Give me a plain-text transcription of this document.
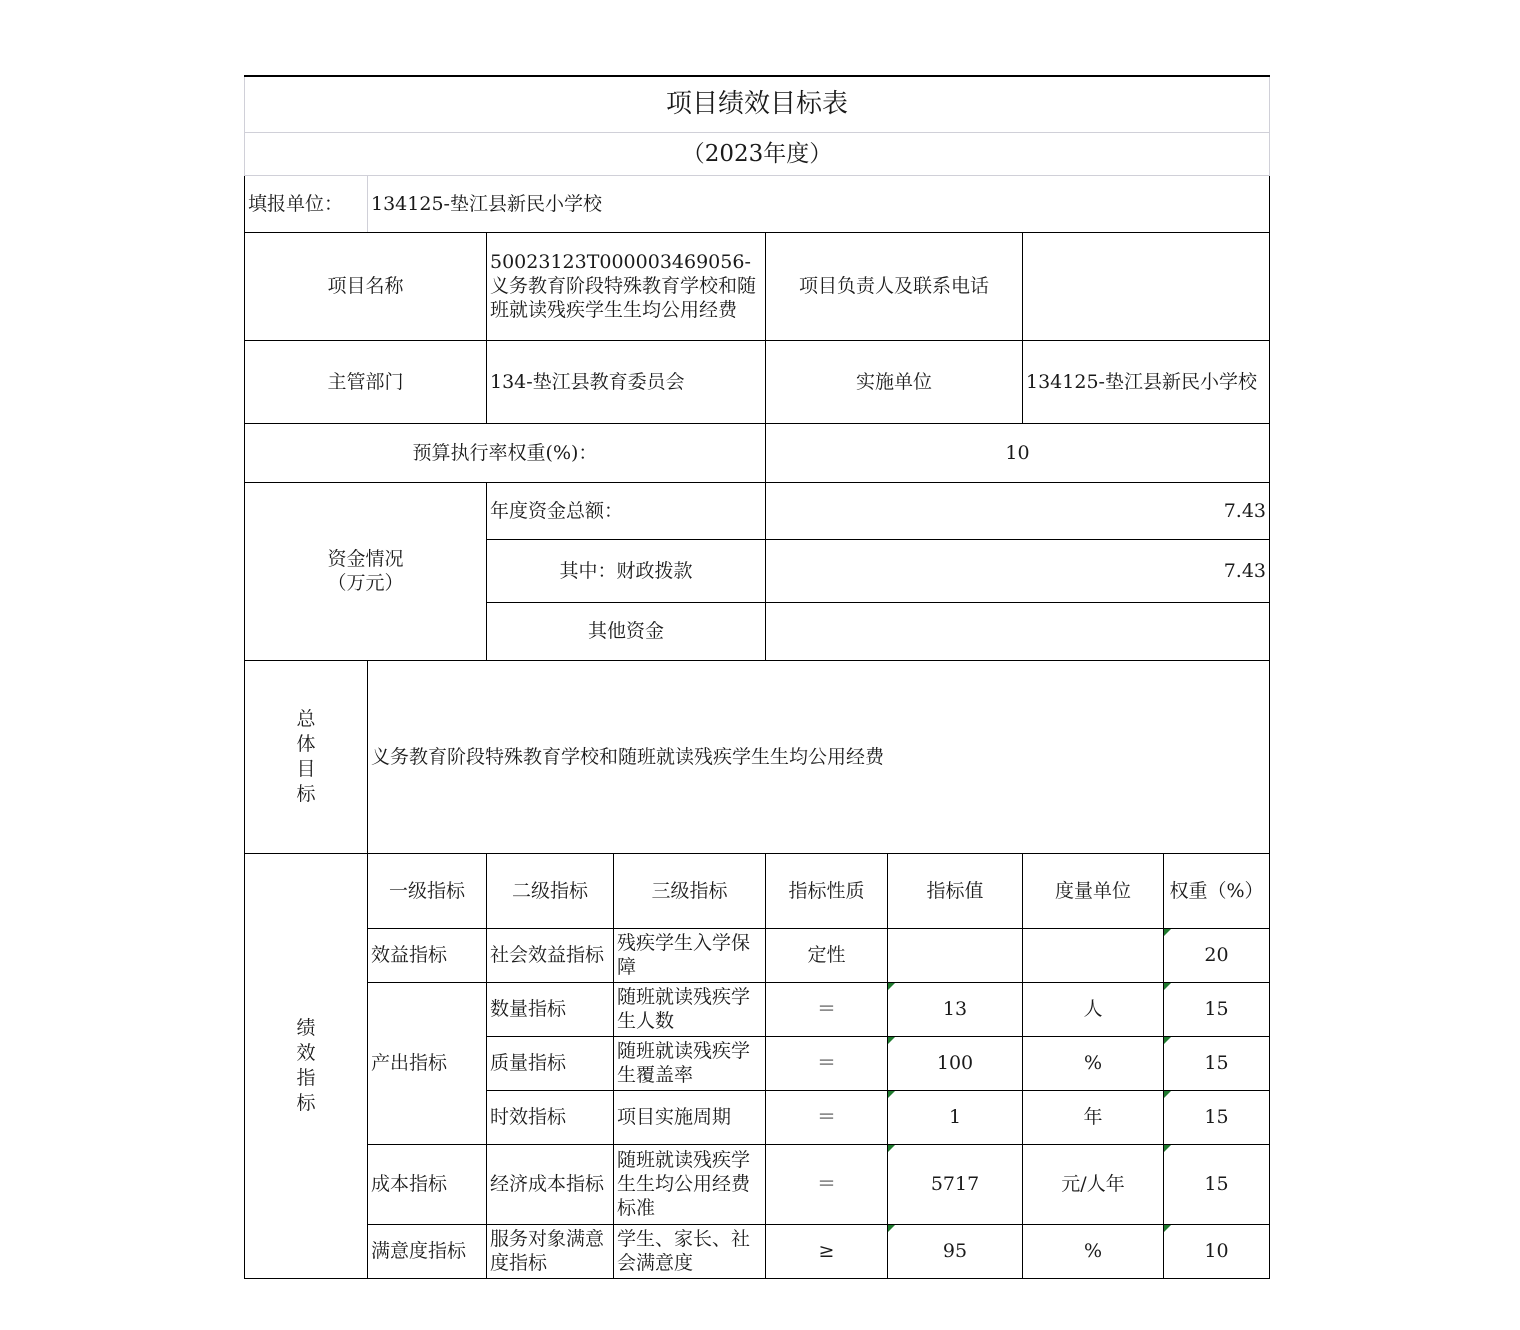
项目绩效目标表							
（2023年度）							
填报单位：	134125-垫江县新民小学校						
项目名称		50023123T000003469056-义务教育阶段特殊教育学校和随班就读残疾学生生均公用经费		项目负责人及联系电话			
主管部门		134-垫江县教育委员会		实施单位		134125-垫江县新民小学校	
预算执行率权重(%)：				10			

资金情况
（万元）		年度资金总额：		7.43			
		其中：财政拨款		7.43			
		其他资金					

总
体
目
标	义务教育阶段特殊教育学校和随班就读残疾学生生均公用经费						

绩
效
指
标	一级指标	二级指标	三级指标	指标性质	指标值	度量单位	权重（%）
	效益指标	社会效益指标	残疾学生入学保障	定性			20
	产出指标	数量指标	随班就读残疾学生人数	＝	13	人	15
		质量指标	随班就读残疾学生覆盖率	＝	100	%	15
		时效指标	项目实施周期	＝	1	年	15
	成本指标	经济成本指标	随班就读残疾学生生均公用经费标准	＝	5717	元/人年	15
	满意度指标	服务对象满意度指标	学生、家长、社会满意度	≥	95	%	10
